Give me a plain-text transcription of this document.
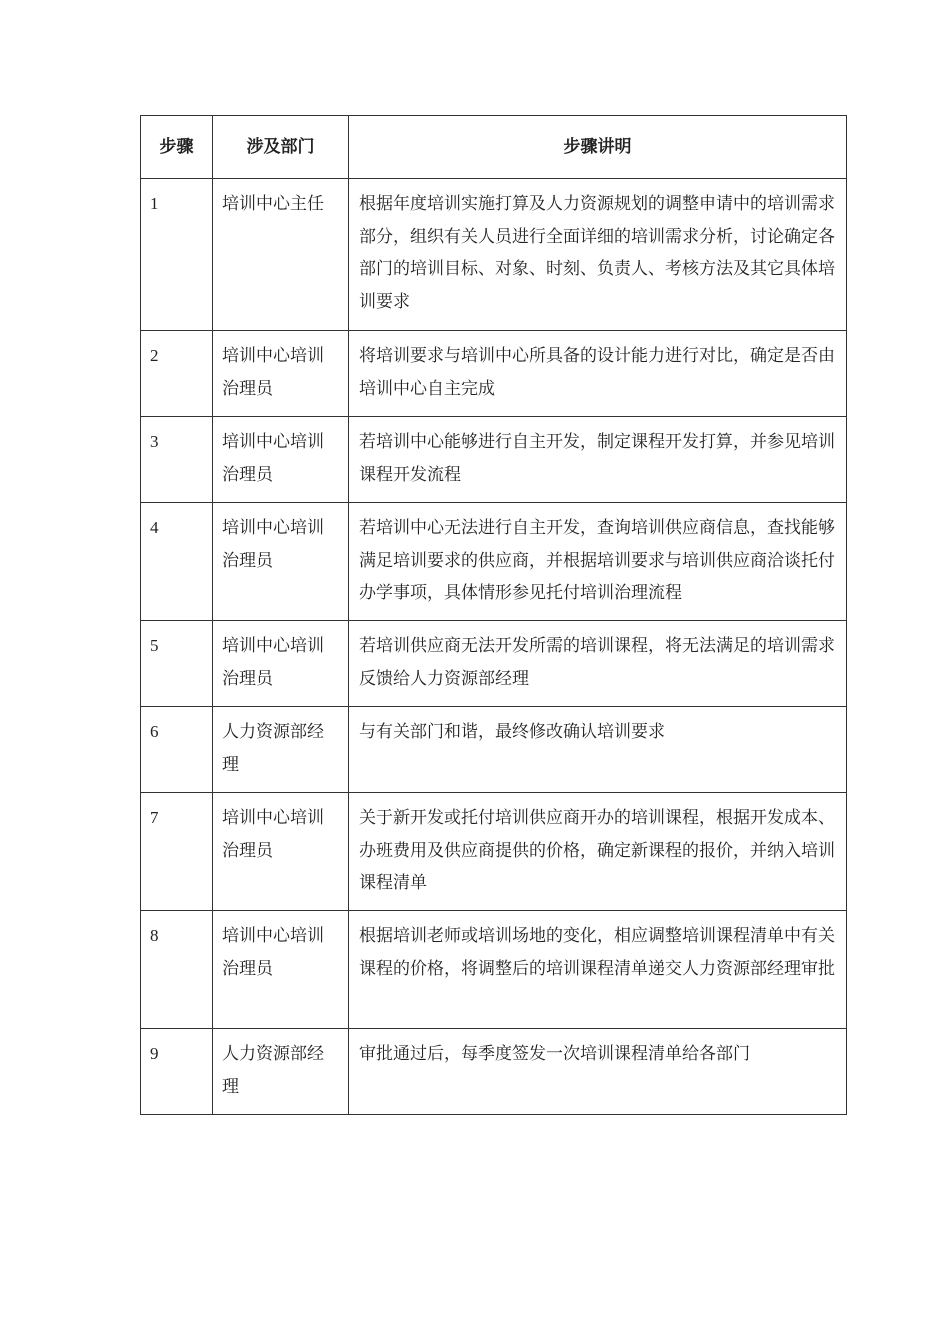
步骤	涉及部门	步骤讲明
1	培训中心主任	根据年度培训实施打算及人力资源规划的调整申请中的培训需求部分，组织有关人员进行全面详细的培训需求分析，讨论确定各部门的培训目标、对象、时刻、负责人、考核方法及其它具体培训要求
2	培训中心培训治理员	将培训要求与培训中心所具备的设计能力进行对比，确定是否由培训中心自主完成
3	培训中心培训治理员	若培训中心能够进行自主开发，制定课程开发打算，并参见培训课程开发流程
4	培训中心培训治理员	若培训中心无法进行自主开发，查询培训供应商信息，查找能够满足培训要求的供应商，并根据培训要求与培训供应商洽谈托付办学事项，具体情形参见托付培训治理流程
5	培训中心培训治理员	若培训供应商无法开发所需的培训课程，将无法满足的培训需求反馈给人力资源部经理
6	人力资源部经理	与有关部门和谐，最终修改确认培训要求
7	培训中心培训治理员	关于新开发或托付培训供应商开办的培训课程，根据开发成本、办班费用及供应商提供的价格，确定新课程的报价，并纳入培训课程清单
8	培训中心培训治理员	根据培训老师或培训场地的变化，相应调整培训课程清单中有关课程的价格，将调整后的培训课程清单递交人力资源部经理审批
9	人力资源部经理	审批通过后，每季度签发一次培训课程清单给各部门
